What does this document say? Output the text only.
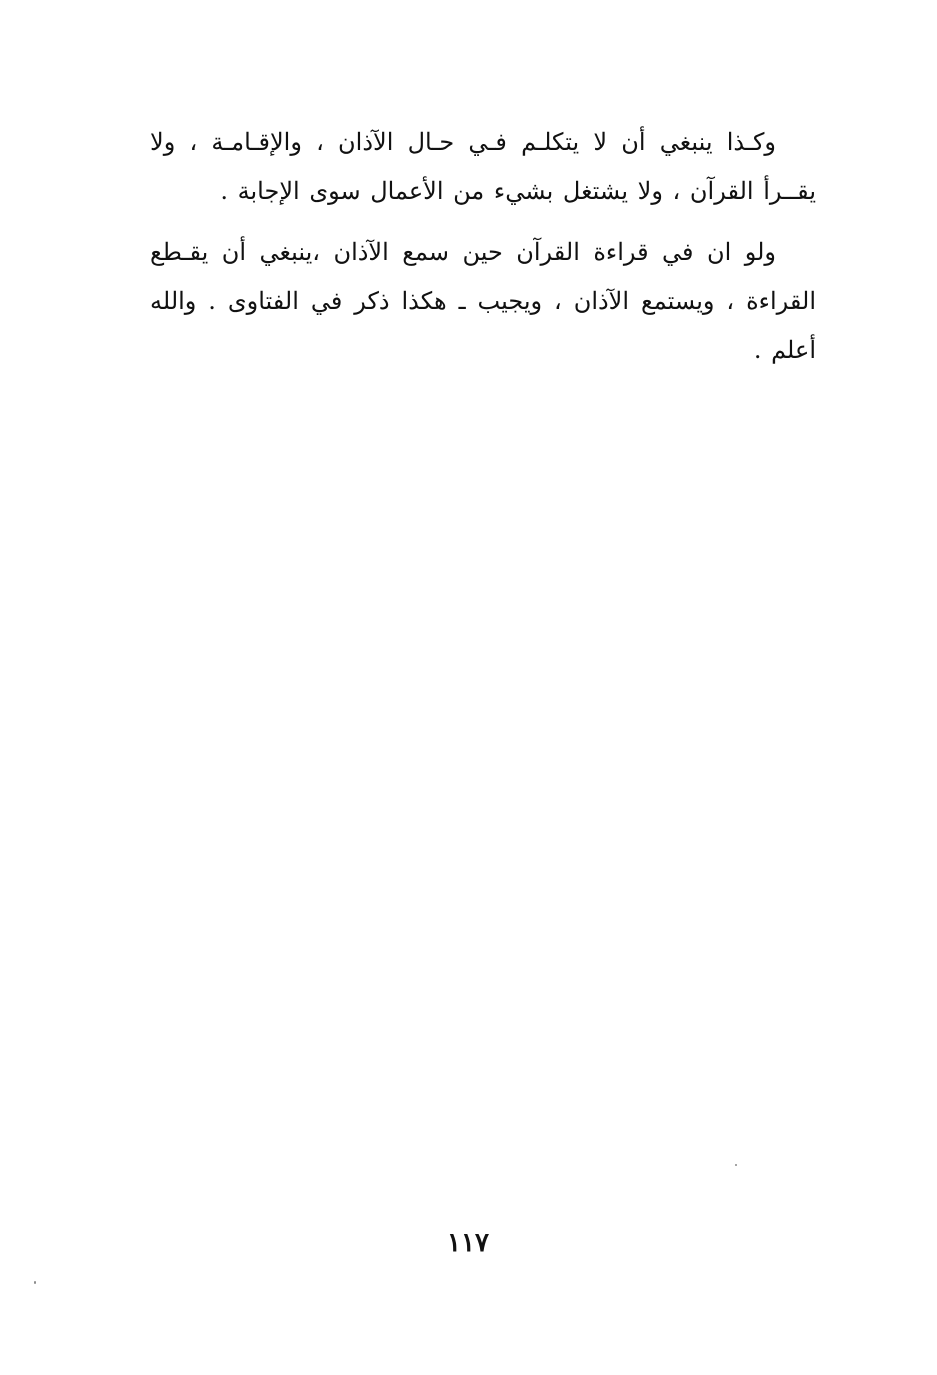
وكـذا ينبغي أن لا يتكلـم فـي حـال الآذان ، والإقـامـة ، ولا يقــرأ القرآن ، ولا يشتغل بشيء من الأعمال سوى الإجابة .

ولو ان في قراءة القرآن حين سمع الآذان ،ينبغي أن يقـطع القراءة ، ويستمع الآذان ، ويجيب ـ هكذا ذكر في الفتاوى . والله أعلم .

١١٧
